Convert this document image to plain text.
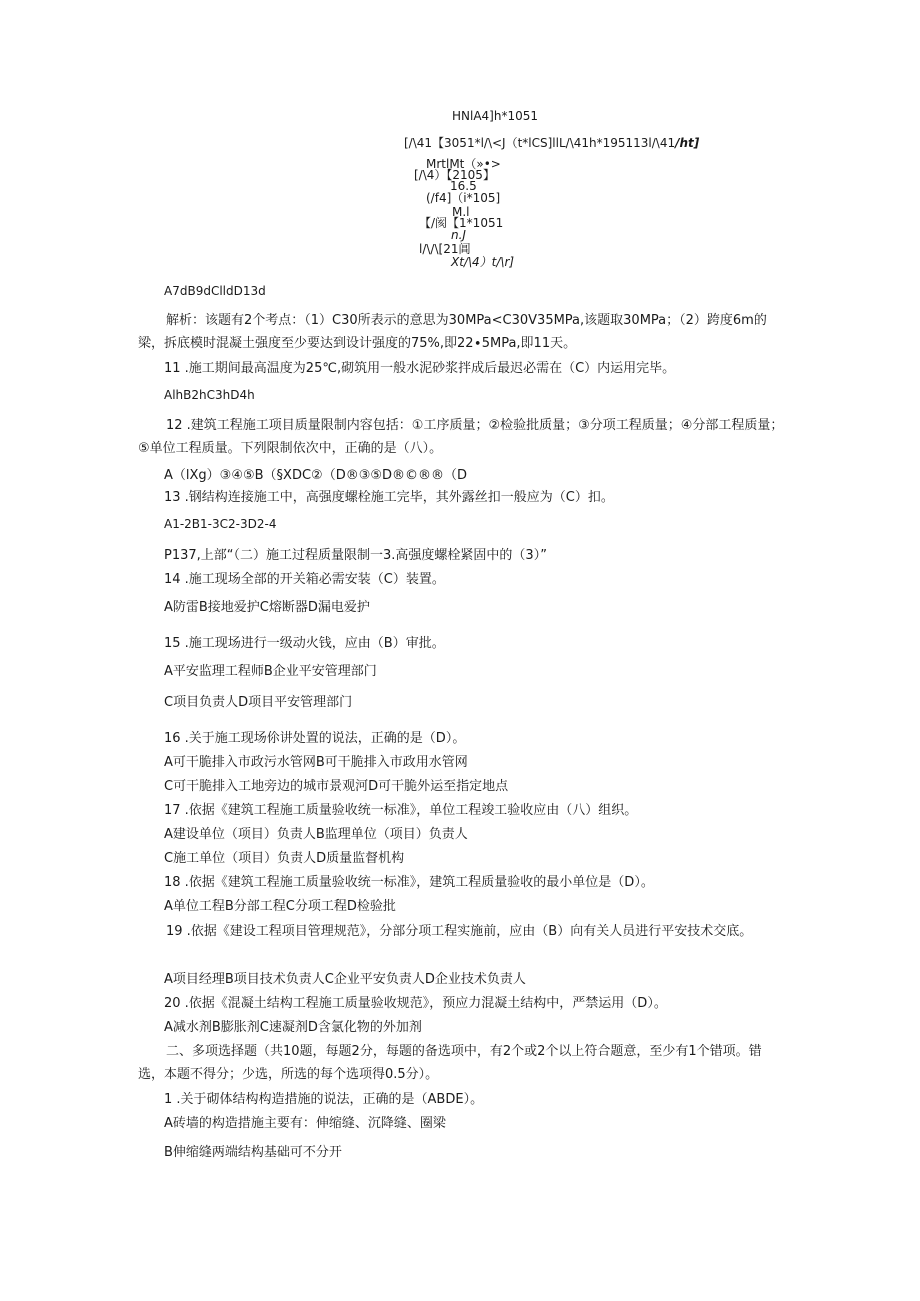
HNlA4]h*1051
[/\41【3051*l/\<J（t*lCS]llL/\41h*195113l/\41/ht]
MrtlMt（»•>
[/\4）【2105】
16.5
(/f4]（i*105]
M.l
【/阂【1*1051
n.J
l/\/\[21阊
Xt/\4）t/\r]
A7dB9dClldD13d
解析：该题有2个考点：（1）C30所表示的意思为30MPa<C30V35MPa,该题取30MPa；（2）跨度6m的梁，拆底模时混凝土强度至少要达到设计强度的75%,即22∙5MPa,即11天。
11 .施工期间最高温度为25℃,砌筑用一般水泥砂浆拌成后最迟必需在（C）内运用完毕。
AlhB2hC3hD4h
12 .建筑工程施工项目质量限制内容包括：①工序质量；②检验批质量；③分项工程质量；④分部工程质量；⑤单位工程质量。下列限制依次中，正确的是（八）。
A（lXg）③④⑤B（§XDC②（D®③⑤D®©®®（D
13 .钢结构连接施工中，高强度螺栓施工完毕，其外露丝扣一般应为（C）扣。
A1-2B1-3C2-3D2-4
P137,上部“（二）施工过程质量限制一3.高强度螺栓紧固中的（3）”
14 .施工现场全部的开关箱必需安装（C）装置。
A防雷B接地爱护C熔断器D漏电爱护
15 .施工现场进行一级动火钱，应由（B）审批。
A平安监理工程师B企业平安管理部门
C项目负责人D项目平安管理部门
16 .关于施工现场伱讲处置的说法，正确的是（D）。
A可干脆排入市政污水管网B可干脆排入市政用水管网
C可干脆排入工地旁边的城市景观河D可干脆外运至指定地点
17 .依据《建筑工程施工质量验收统一标准》，单位工程竣工验收应由（八）组织。
A建设单位（项目）负责人B监理单位（项目）负责人
C施工单位（项目）负责人D质量监督机构
18 .依据《建筑工程施工质量验收统一标准》，建筑工程质量验收的最小单位是（D）。
A单位工程B分部工程C分项工程D检验批
19 .依据《建设工程项目管理规范》，分部分项工程实施前，应由（B）向有关人员进行平安技术交底。
A项目经理B项目技术负责人C企业平安负责人D企业技术负责人
20 .依据《混凝土结构工程施工质量验收规范》，预应力混凝土结构中，严禁运用（D）。
A减水剂B膨胀剂C速凝剂D含氯化物的外加剂
二、多项选择题（共10题，每题2分，每题的备选项中，有2个或2个以上符合题意，至少有1个错项。错选，本题不得分；少选，所选的每个选项得0.5分）。
1 .关于砌体结构构造措施的说法，正确的是（ABDE）。
A砖墙的构造措施主要有：伸缩缝、沉降缝、圈梁
B伸缩缝两端结构基础可不分开
